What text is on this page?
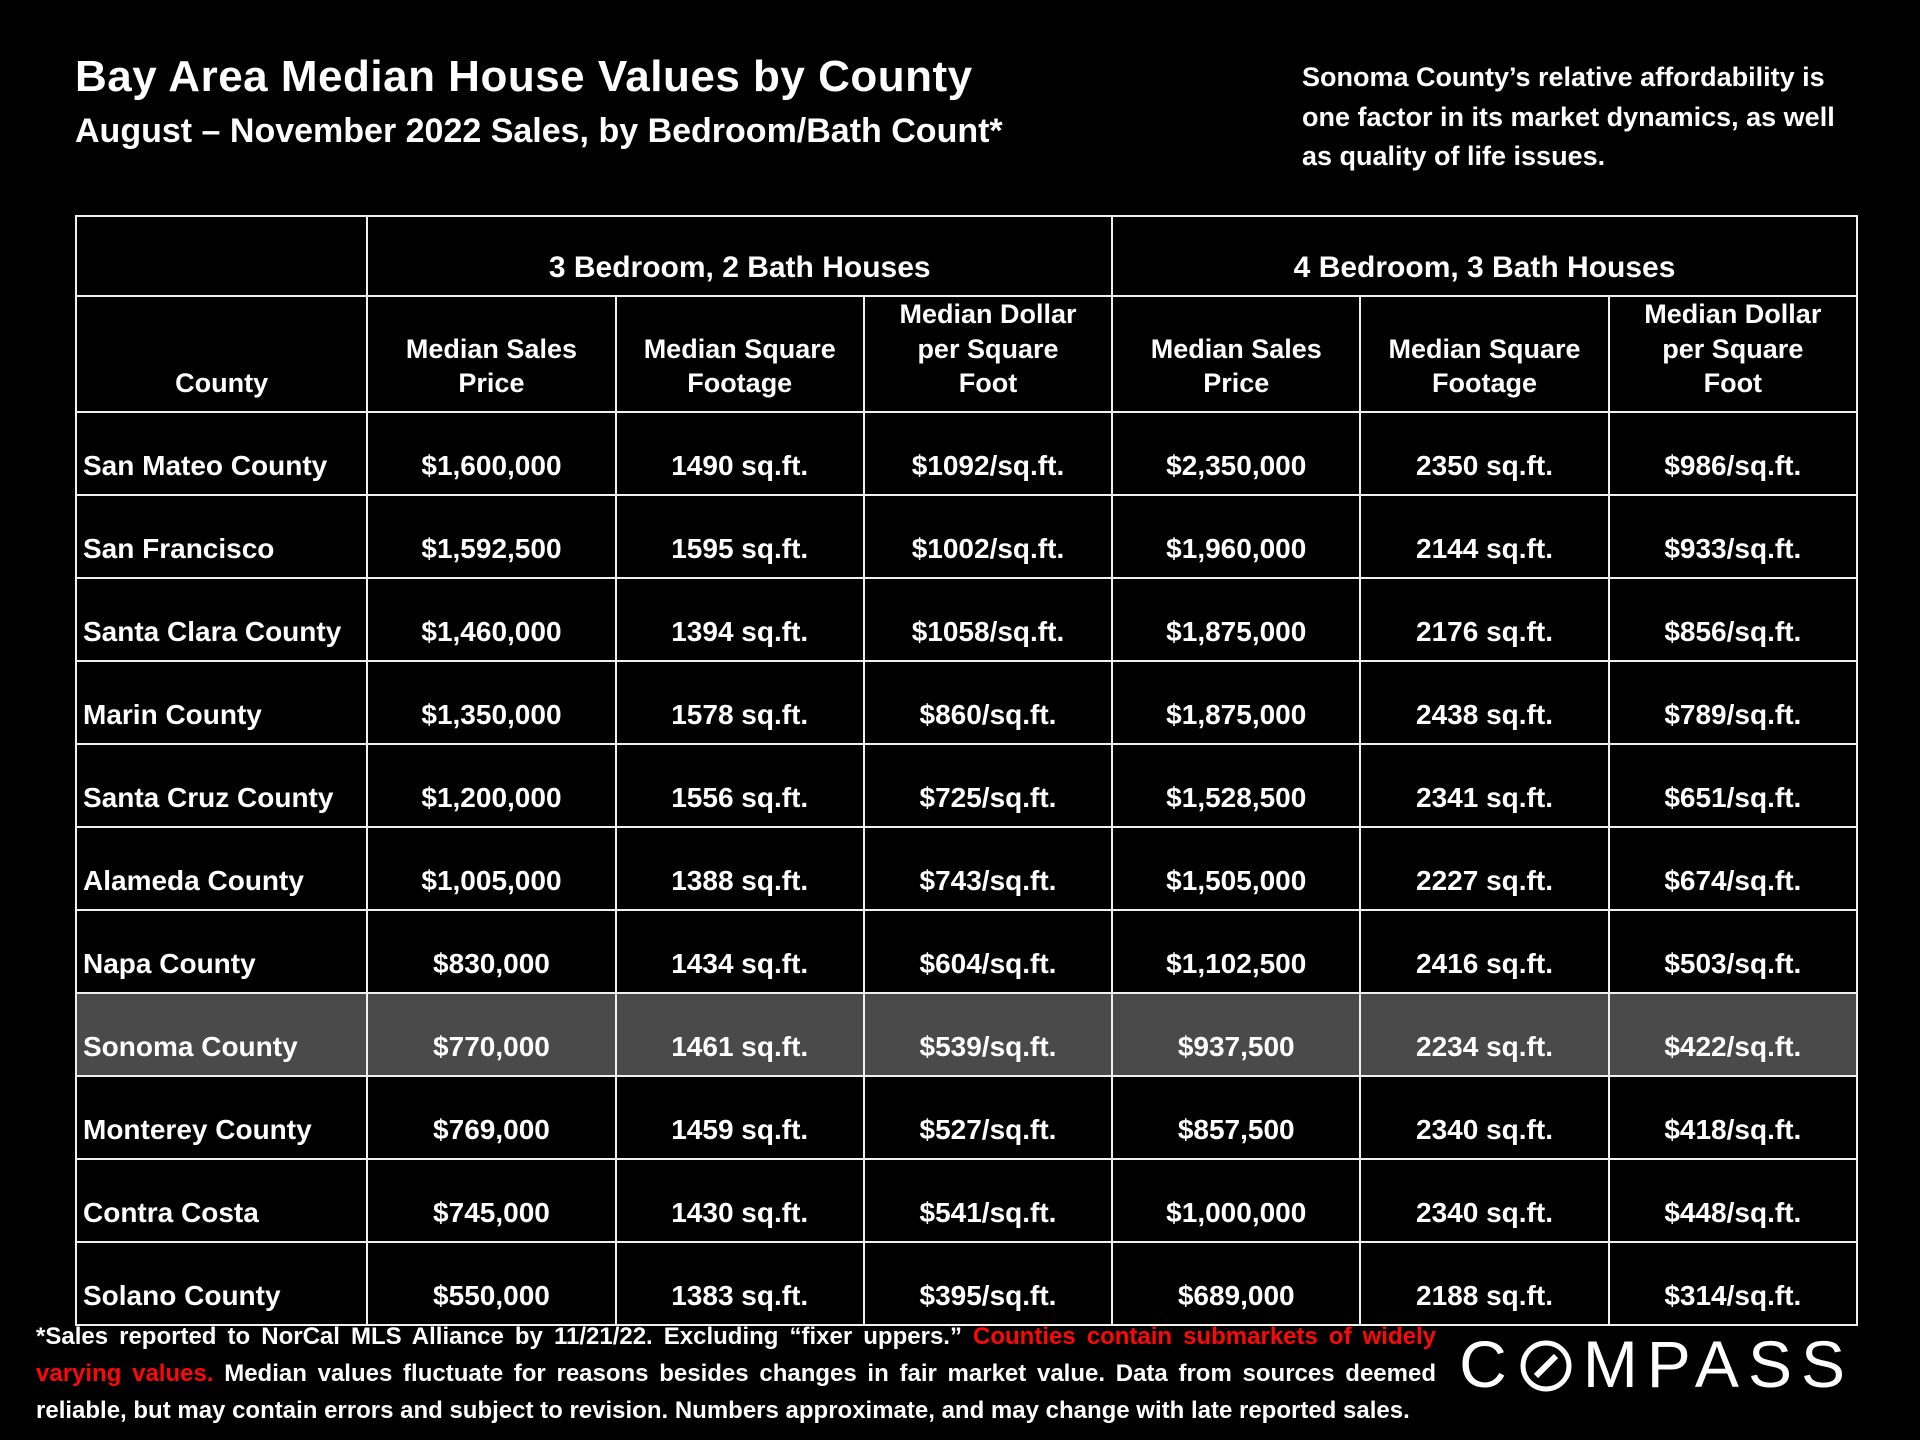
Bay Area Median House Values by County
August – November 2022 Sales, by Bedroom/Bath Count*
Sonoma County’s relative affordability is one factor in its market dynamics, as well as quality of life issues.
	3 Bedroom, 2 Bath Houses			4 Bedroom, 3 Bath Houses		
County	Median Sales Price	Median Square Footage	Median Dollar per Square Foot	Median Sales Price	Median Square Footage	Median Dollar per Square Foot
San Mateo County	$1,600,000	1490 sq.ft.	$1092/sq.ft.	$2,350,000	2350 sq.ft.	$986/sq.ft.
San Francisco	$1,592,500	1595 sq.ft.	$1002/sq.ft.	$1,960,000	2144 sq.ft.	$933/sq.ft.
Santa Clara County	$1,460,000	1394 sq.ft.	$1058/sq.ft.	$1,875,000	2176 sq.ft.	$856/sq.ft.
Marin County	$1,350,000	1578 sq.ft.	$860/sq.ft.	$1,875,000	2438 sq.ft.	$789/sq.ft.
Santa Cruz County	$1,200,000	1556 sq.ft.	$725/sq.ft.	$1,528,500	2341 sq.ft.	$651/sq.ft.
Alameda County	$1,005,000	1388 sq.ft.	$743/sq.ft.	$1,505,000	2227 sq.ft.	$674/sq.ft.
Napa County	$830,000	1434 sq.ft.	$604/sq.ft.	$1,102,500	2416 sq.ft.	$503/sq.ft.
Sonoma County	$770,000	1461 sq.ft.	$539/sq.ft.	$937,500	2234 sq.ft.	$422/sq.ft.
Monterey County	$769,000	1459 sq.ft.	$527/sq.ft.	$857,500	2340 sq.ft.	$418/sq.ft.
Contra Costa	$745,000	1430 sq.ft.	$541/sq.ft.	$1,000,000	2340 sq.ft.	$448/sq.ft.
Solano County	$550,000	1383 sq.ft.	$395/sq.ft.	$689,000	2188 sq.ft.	$314/sq.ft.
*Sales reported to NorCal MLS Alliance by 11/21/22. Excluding “fixer uppers.” Counties contain submarkets of widely varying values. Median values fluctuate for reasons besides changes in fair market value. Data from sources deemed reliable, but may contain errors and subject to revision. Numbers approximate, and may change with late reported sales.
C MPASS
